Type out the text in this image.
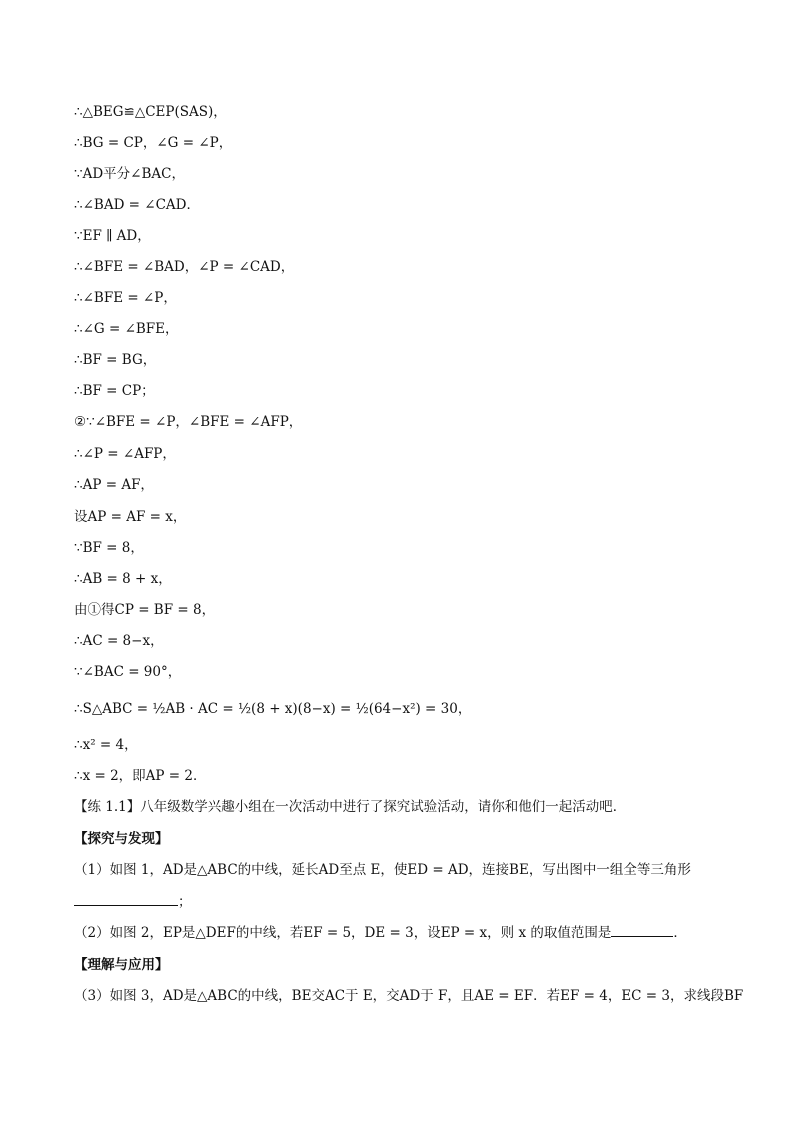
∴△BEG≌△CEP(SAS)，
∴BG = CP，∠G = ∠P，
∵AD平分∠BAC，
∴∠BAD = ∠CAD．
∵EF ∥ AD，
∴∠BFE = ∠BAD，∠P = ∠CAD，
∴∠BFE = ∠P，
∴∠G = ∠BFE，
∴BF = BG，
∴BF = CP；
②∵∠BFE = ∠P，∠BFE = ∠AFP，
∴∠P = ∠AFP，
∴AP = AF，
设AP = AF = x，
∵BF = 8，
∴AB = 8 + x，
由①得CP = BF = 8，
∴AC = 8−x，
∵∠BAC = 90°，
∴S△ABC = ½AB · AC = ½(8 + x)(8−x) = ½(64−x²) = 30，
∴x² = 4，
∴x = 2，即AP = 2．
【练 1.1】八年级数学兴趣小组在一次活动中进行了探究试验活动，请你和他们一起活动吧．
【探究与发现】
（1）如图 1，AD是△ABC的中线，延长AD至点 E，使ED = AD，连接BE，写出图中一组全等三角形
；
（2）如图 2，EP是△DEF的中线，若EF = 5，DE = 3，设EP = x，则 x 的取值范围是	．
【理解与应用】
（3）如图 3，AD是△ABC的中线，BE交AC于 E，交AD于 F，且AE = EF．若EF = 4，EC = 3，求线段BF
